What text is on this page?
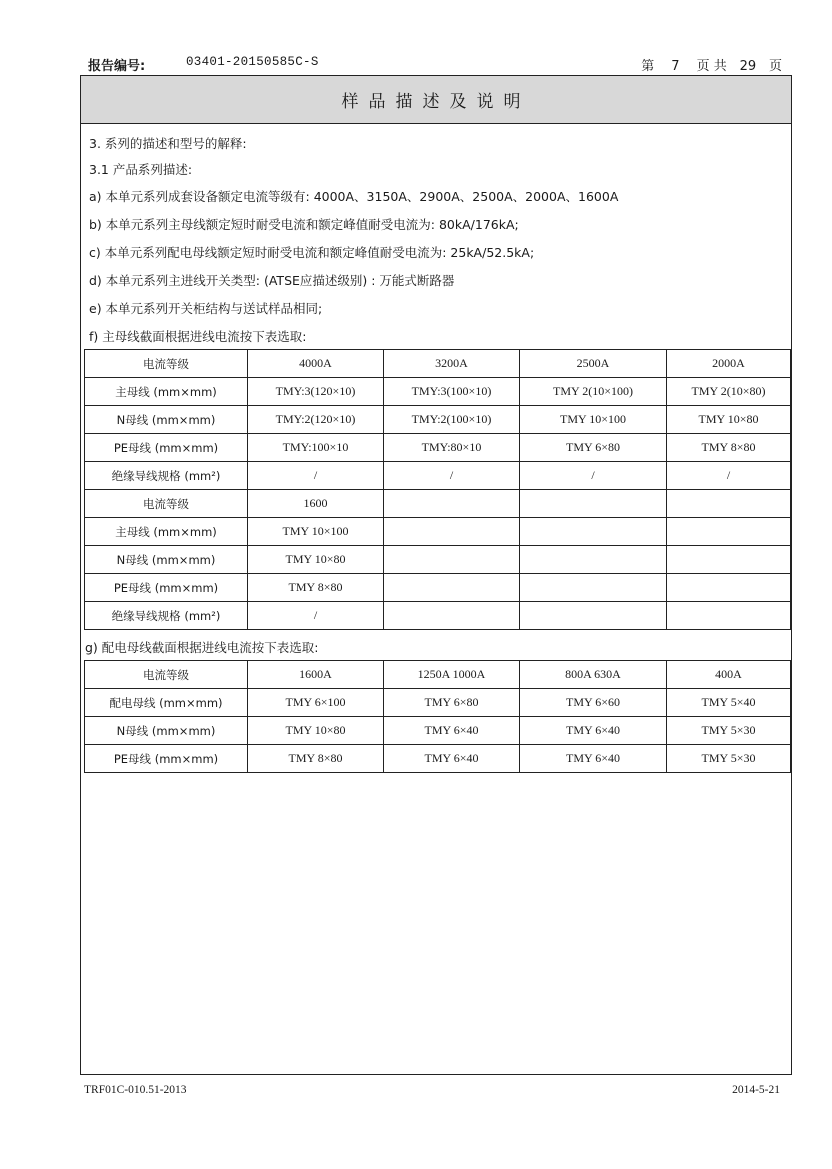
报告编号:	03401-20150585C-S	第 7 页 共 29 页
样品描述及说明
3. 系列的描述和型号的解释:
3.1 产品系列描述:
a) 本单元系列成套设备额定电流等级有: 4000A、3150A、2900A、2500A、2000A、1600A
b) 本单元系列主母线额定短时耐受电流和额定峰值耐受电流为: 80kA/176kA;
c) 本单元系列配电母线额定短时耐受电流和额定峰值耐受电流为: 25kA/52.5kA;
d) 本单元系列主进线开关类型: (ATSE应描述级别) : 万能式断路器
e) 本单元系列开关柜结构与送试样品相同;
f) 主母线截面根据进线电流按下表选取:
电流等级	4000A	3200A	2500A	2000A
主母线 (mm×mm)	TMY:3(120×10)	TMY:3(100×10)	TMY 2(10×100)	TMY 2(10×80)
N母线 (mm×mm)	TMY:2(120×10)	TMY:2(100×10)	TMY 10×100	TMY 10×80
PE母线 (mm×mm)	TMY:100×10	TMY:80×10	TMY 6×80	TMY 8×80
绝缘导线规格 (mm²)	/	/	/	/
电流等级	1600			
主母线 (mm×mm)	TMY 10×100			
N母线 (mm×mm)	TMY 10×80			
PE母线 (mm×mm)	TMY 8×80			
绝缘导线规格 (mm²)	/			
g) 配电母线截面根据进线电流按下表选取:
电流等级	1600A	1250A 1000A	800A 630A	400A
配电母线 (mm×mm)	TMY 6×100	TMY 6×80	TMY 6×60	TMY 5×40
N母线 (mm×mm)	TMY 10×80	TMY 6×40	TMY 6×40	TMY 5×30
PE母线 (mm×mm)	TMY 8×80	TMY 6×40	TMY 6×40	TMY 5×30
TRF01C-010.51-2013	2014-5-21
